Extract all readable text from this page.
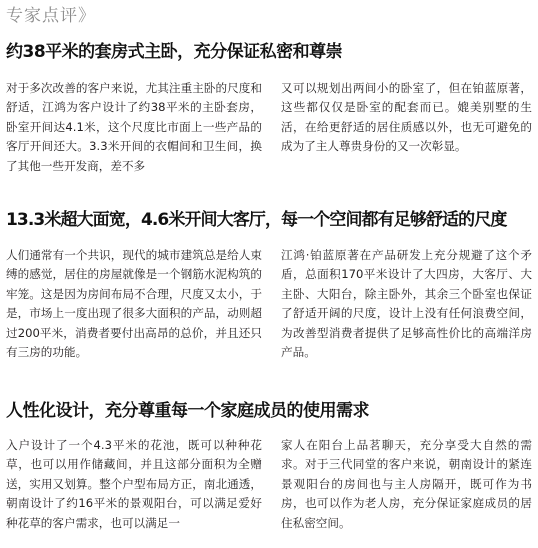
专家点评》
约38平米的套房式主卧，充分保证私密和尊崇

对于多次改善的客户来说，尤其注重主卧的尺度和舒适，江鸿为客户设计了约38平米的主卧套房，卧室开间达4.1米，这个尺度比市面上一些产品的客厅开间还大。3.3米开间的衣帽间和卫生间，换了其他一些开发商，差不多

又可以规划出两间小的卧室了，但在铂蓝原著，这些都仅仅是卧室的配套而已。媲美别墅的生活，在给更舒适的居住质感以外，也无可避免的成为了主人尊贵身份的又一次彰显。

13.3米超大面宽，4.6米开间大客厅，每一个空间都有足够舒适的尺度

人们通常有一个共识，现代的城市建筑总是给人束缚的感觉，居住的房屋就像是一个钢筋水泥构筑的牢笼。这是因为房间布局不合理，尺度又太小，于是，市场上一度出现了很多大面积的产品，动则超过200平米，消费者要付出高昂的总价，并且还只有三房的功能。

江鸿·铂蓝原著在产品研发上充分规避了这个矛盾，总面积170平米设计了大四房，大客厅、大主卧、大阳台，除主卧外，其余三个卧室也保证了舒适开阔的尺度，设计上没有任何浪费空间，为改善型消费者提供了足够高性价比的高端洋房产品。

人性化设计，充分尊重每一个家庭成员的使用需求

入户设计了一个4.3平米的花池，既可以种种花草，也可以用作储藏间，并且这部分面积为全赠送，实用又划算。整个户型布局方正，南北通透，朝南设计了约16平米的景观阳台，可以满足爱好种花草的客户需求，也可以满足一

家人在阳台上品茗聊天，充分享受大自然的需求。对于三代同堂的客户来说，朝南设计的紧连景观阳台的房间也与主人房隔开，既可作为书房，也可以作为老人房，充分保证家庭成员的居住私密空间。
